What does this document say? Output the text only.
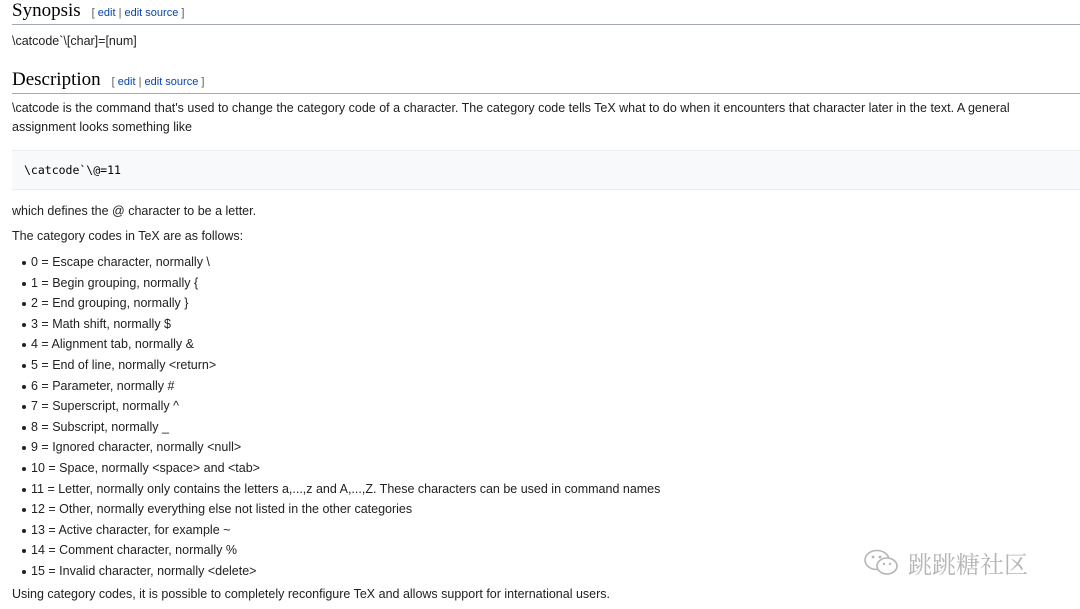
Synopsis [ edit | edit source ]

\catcode`\[char]=[num]

Description [ edit | edit source ]

\catcode is the command that's used to change the category code of a character. The category code tells TeX what to do when it encounters that character later in the text. A general assignment looks something like

\catcode`\@=11

which defines the @ character to be a letter.

The category codes in TeX are as follows:

0 = Escape character, normally \
1 = Begin grouping, normally {
2 = End grouping, normally }
3 = Math shift, normally $
4 = Alignment tab, normally &
5 = End of line, normally <return>
6 = Parameter, normally #
7 = Superscript, normally ^
8 = Subscript, normally _
9 = Ignored character, normally <null>
10 = Space, normally <space> and <tab>
11 = Letter, normally only contains the letters a,...,z and A,...,Z. These characters can be used in command names
12 = Other, normally everything else not listed in the other categories
13 = Active character, for example ~
14 = Comment character, normally %
15 = Invalid character, normally <delete>

Using category codes, it is possible to completely reconfigure TeX and allows support for international users.

跳跳糖社区
